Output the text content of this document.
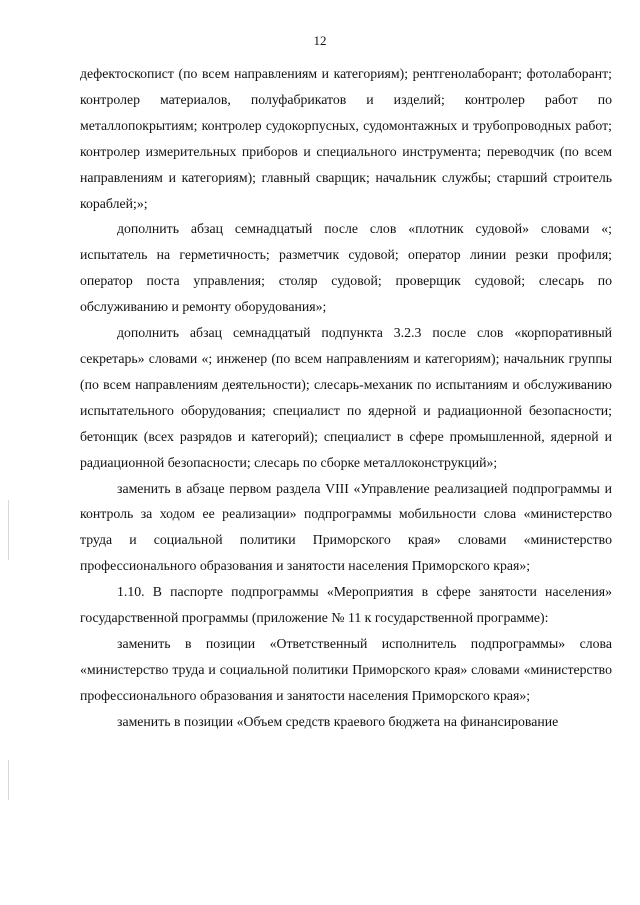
12

дефектоскопист (по всем направлениям и категориям); рентгенолаборант; фотолаборант; контролер материалов, полуфабрикатов и изделий; контролер работ по металлопокрытиям; контролер судокорпусных, судомонтажных и трубопроводных работ; контролер измерительных приборов и специального инструмента; переводчик (по всем направлениям и категориям); главный сварщик; начальник службы; старший строитель кораблей;»;

дополнить абзац семнадцатый после слов «плотник судовой» словами «; испытатель на герметичность; разметчик судовой; оператор линии резки профиля; оператор поста управления; столяр судовой; проверщик судовой; слесарь по обслуживанию и ремонту оборудования»;

дополнить абзац семнадцатый подпункта 3.2.3 после слов «корпоративный секретарь» словами «; инженер (по всем направлениям и категориям); начальник группы (по всем направлениям деятельности); слесарь-механик по испытаниям и обслуживанию испытательного оборудования; специалист по ядерной и радиационной безопасности; бетонщик (всех разрядов и категорий); специалист в сфере промышленной, ядерной и радиационной безопасности; слесарь по сборке металлоконструкций»;

заменить в абзаце первом раздела VIII «Управление реализацией подпрограммы и контроль за ходом ее реализации» подпрограммы мобильности слова «министерство труда и социальной политики Приморского края» словами «министерство профессионального образования и занятости населения Приморского края»;

1.10. В паспорте подпрограммы «Мероприятия в сфере занятости населения» государственной программы (приложение № 11 к государственной программе):

заменить в позиции «Ответственный исполнитель подпрограммы» слова «министерство труда и социальной политики Приморского края» словами «министерство профессионального образования и занятости населения Приморского края»;

заменить в позиции «Объем средств краевого бюджета на финансирование
